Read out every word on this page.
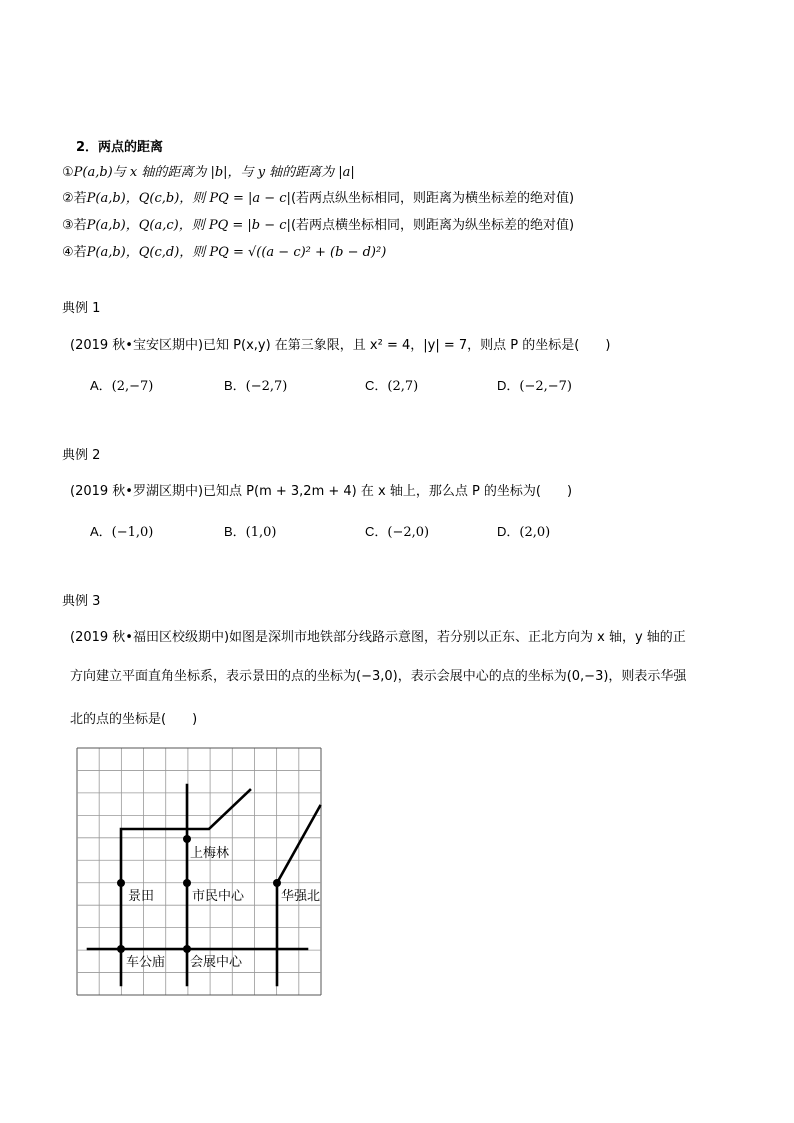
2．两点的距离
①P(a,b)与 x 轴的距离为 |b|，与 y 轴的距离为 |a|
②若P(a,b)，Q(c,b)，则 PQ = |a − c|(若两点纵坐标相同，则距离为横坐标差的绝对值)
③若P(a,b)，Q(a,c)，则 PQ = |b − c|(若两点横坐标相同，则距离为纵坐标差的绝对值)
④若P(a,b)，Q(c,d)，则 PQ = √((a − c)² + (b − d)²)
典例 1
(2019 秋•宝安区期中)已知 P(x,y) 在第三象限，且 x² = 4，|y| = 7，则点 P 的坐标是(　　)
A．(2,−7)	B．(−2,7)	C．(2,7)	D．(−2,−7)
典例 2
(2019 秋•罗湖区期中)已知点 P(m + 3,2m + 4) 在 x 轴上，那么点 P 的坐标为(　　)
A．(−1,0)	B．(1,0)	C．(−2,0)	D．(2,0)
典例 3
(2019 秋•福田区校级期中)如图是深圳市地铁部分线路示意图，若分别以正东、正北方向为 x 轴，y 轴的正
方向建立平面直角坐标系，表示景田的点的坐标为(−3,0)，表示会展中心的点的坐标为(0,−3)，则表示华强
北的点的坐标是(　　)
上梅林
景田	市民中心	华强北
车公庙 会展中心
